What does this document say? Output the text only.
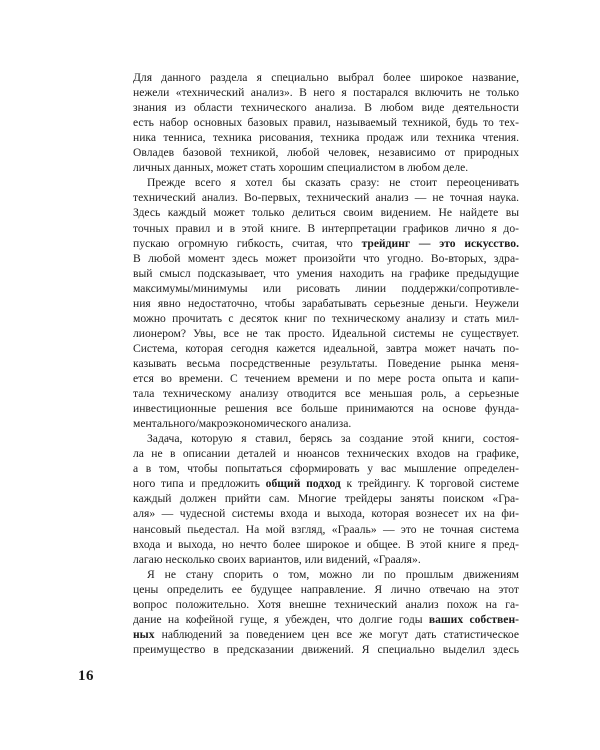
Для данного раздела я специально выбрал более широкое название,
нежели «технический анализ». В него я постарался включить не только
знания из области технического анализа. В любом виде деятельности
есть набор основных базовых правил, называемый техникой, будь то тех-
ника тенниса, техника рисования, техника продаж или техника чтения.
Овладев базовой техникой, любой человек, независимо от природных
личных данных, может стать хорошим специалистом в любом деле.
Прежде всего я хотел бы сказать сразу: не стоит переоценивать
технический анализ. Во-первых, технический анализ — не точная наука.
Здесь каждый может только делиться своим видением. Не найдете вы
точных правил и в этой книге. В интерпретации графиков лично я до-
пускаю огромную гибкость, считая, что трейдинг — это искусство.
В любой момент здесь может произойти что угодно. Во-вторых, здра-
вый смысл подсказывает, что умения находить на графике предыдущие
максимумы/минимумы или рисовать линии поддержки/сопротивле-
ния явно недостаточно, чтобы зарабатывать серьезные деньги. Неужели
можно прочитать с десяток книг по техническому анализу и стать мил-
лионером? Увы, все не так просто. Идеальной системы не существует.
Система, которая сегодня кажется идеальной, завтра может начать по-
казывать весьма посредственные результаты. Поведение рынка меня-
ется во времени. С течением времени и по мере роста опыта и капи-
тала техническому анализу отводится все меньшая роль, а серьезные
инвестиционные решения все больше принимаются на основе фунда-
ментального/макроэкономического анализа.
Задача, которую я ставил, берясь за создание этой книги, состоя-
ла не в описании деталей и нюансов технических входов на графике,
а в том, чтобы попытаться сформировать у вас мышление определен-
ного типа и предложить общий подход к трейдингу. К торговой системе
каждый должен прийти сам. Многие трейдеры заняты поиском «Гра-
аля» — чудесной системы входа и выхода, которая вознесет их на фи-
нансовый пьедестал. На мой взгляд, «Грааль» — это не точная система
входа и выхода, но нечто более широкое и общее. В этой книге я пред-
лагаю несколько своих вариантов, или видений, «Грааля».
Я не стану спорить о том, можно ли по прошлым движениям
цены определить ее будущее направление. Я лично отвечаю на этот
вопрос положительно. Хотя внешне технический анализ похож на га-
дание на кофейной гуще, я убежден, что долгие годы ваших собствен-
ных наблюдений за поведением цен все же могут дать статистическое
преимущество в предсказании движений. Я специально выделил здесь
16
